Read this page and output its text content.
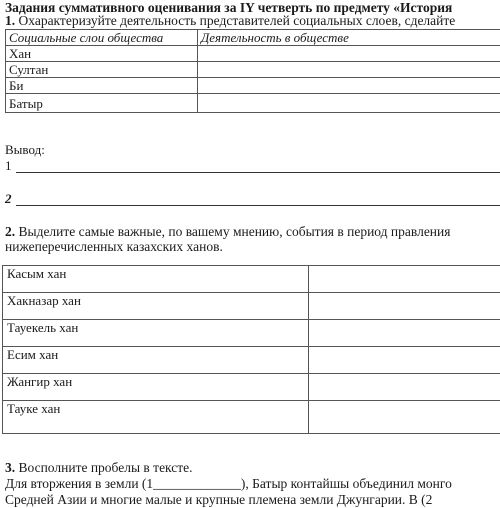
Задания суммативного оценивания за IY четверть по предмету «История
1. Охарактеризуйте деятельность представителей социальных слоев, сделайте
Социальные слои общества	Деятельность в обществе
Хан	
Султан	
Би	
Батыр	
Вывод:
1
2
2. Выделите самые важные, по вашему мнению, события в период правления нижеперечисленных казахских ханов.
Касым хан	
Хакназар хан	
Тауекель хан	
Есим хан	
Жангир хан	
Тауке хан	
3. Восполните пробелы в тексте.
Для вторжения в земли (1_____________), Батыр контайшы объединил монго
Средней Азии и многие малые и крупные племена земли Джунгарии. В (2
